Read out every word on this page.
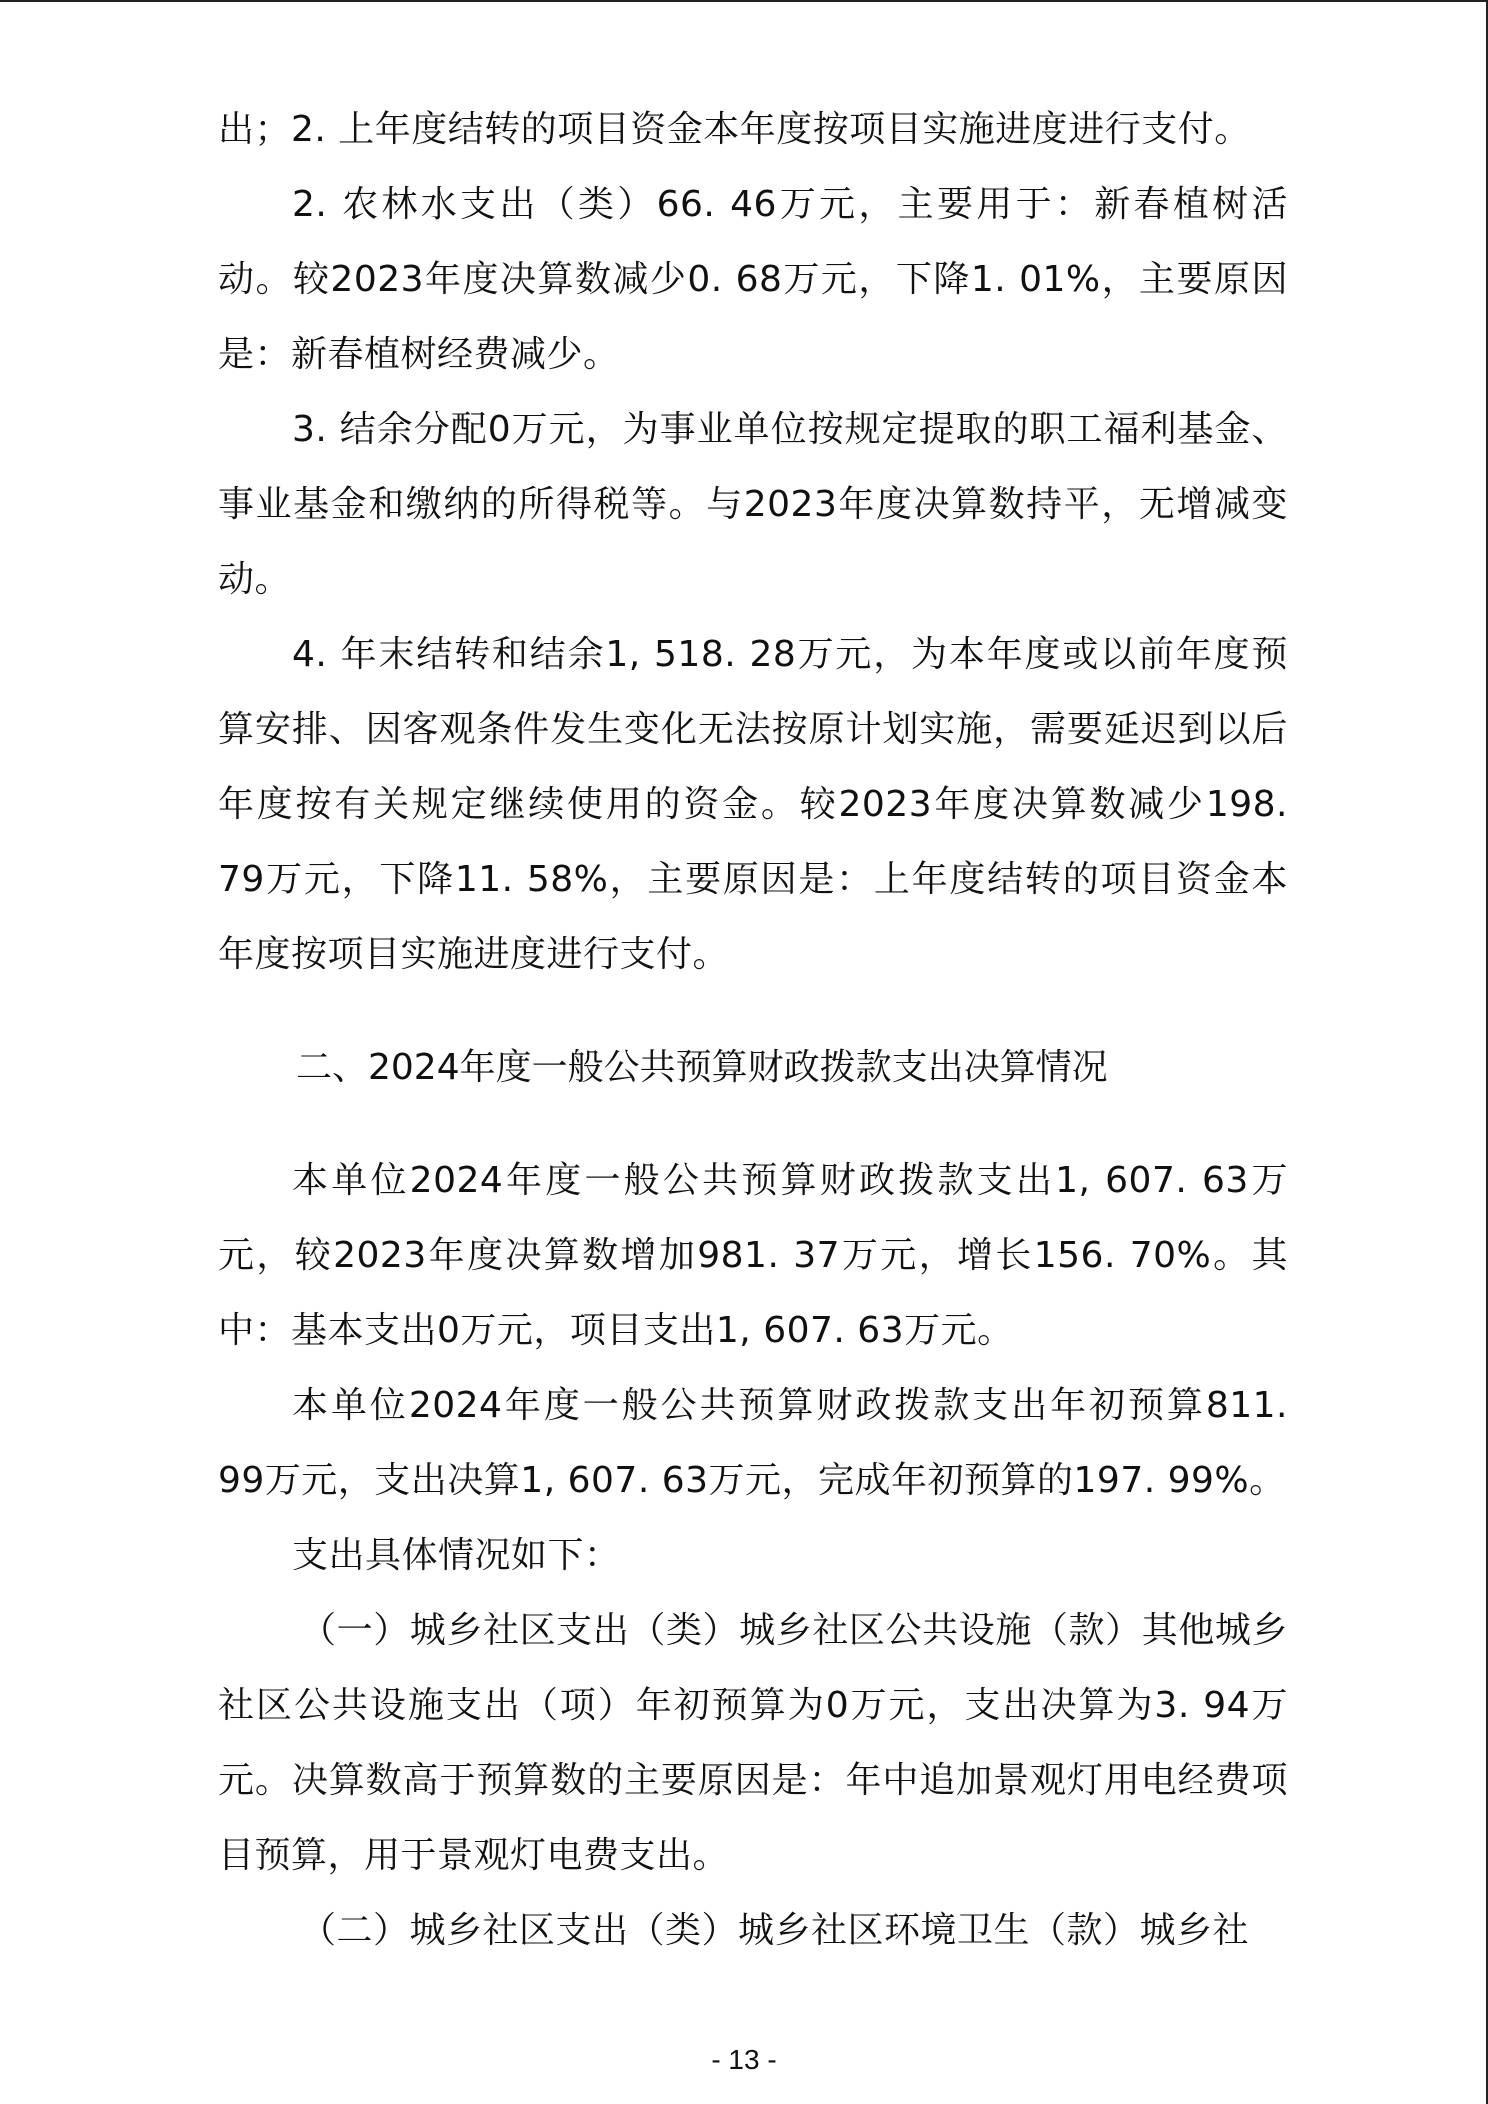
出；2. 上年度结转的项目资金本年度按项目实施进度进行支付。

2. 农林水支出（类）66. 46万元，主要用于：新春植树活动。较2023年度决算数减少0. 68万元，下降1. 01%，主要原因是：新春植树经费减少。

3. 结余分配0万元，为事业单位按规定提取的职工福利基金、事业基金和缴纳的所得税等。与2023年度决算数持平，无增减变动。

4. 年末结转和结余1, 518. 28万元，为本年度或以前年度预算安排、因客观条件发生变化无法按原计划实施，需要延迟到以后年度按有关规定继续使用的资金。较2023年度决算数减少198. 79万元，下降11. 58%，主要原因是：上年度结转的项目资金本年度按项目实施进度进行支付。

二、2024年度一般公共预算财政拨款支出决算情况

本单位2024年度一般公共预算财政拨款支出1, 607. 63万元，较2023年度决算数增加981. 37万元，增长156. 70%。其中：基本支出0万元，项目支出1, 607. 63万元。

本单位2024年度一般公共预算财政拨款支出年初预算811. 99万元，支出决算1, 607. 63万元，完成年初预算的197. 99%。

支出具体情况如下：

（一）城乡社区支出（类）城乡社区公共设施（款）其他城乡社区公共设施支出（项）年初预算为0万元，支出决算为3. 94万元。决算数高于预算数的主要原因是：年中追加景观灯用电经费项目预算，用于景观灯电费支出。

（二）城乡社区支出（类）城乡社区环境卫生（款）城乡社

- 13 -
